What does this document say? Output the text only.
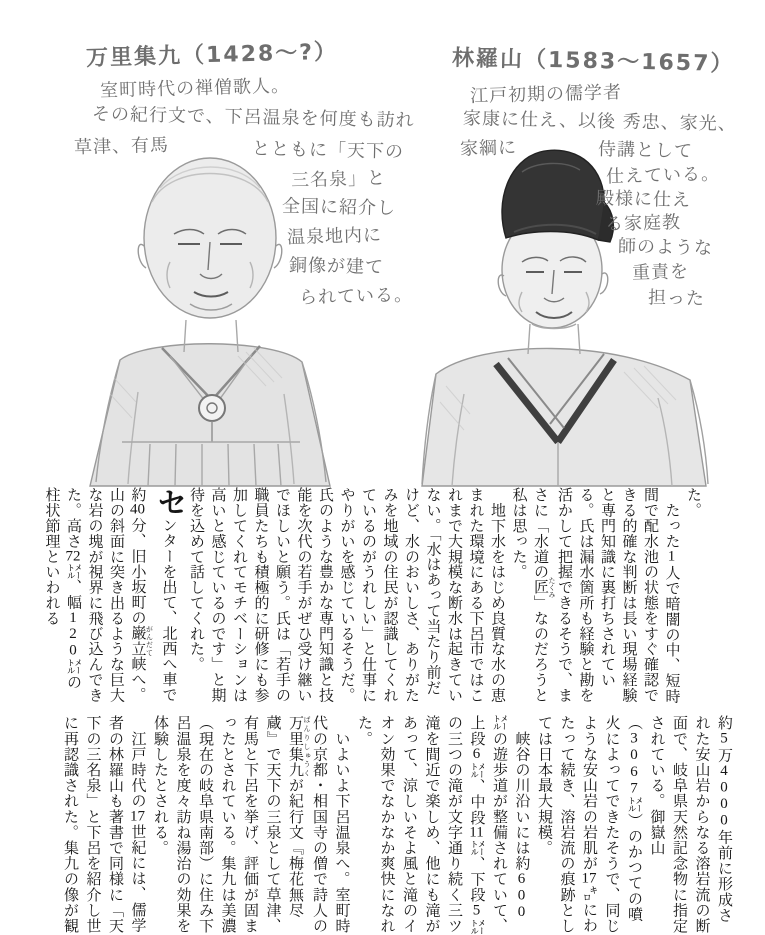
万里集九（1428〜?）
室町時代の禅僧歌人。
その紀行文で、下呂温泉を何度も訪れ
草津、有馬	とともに「天下の
三名泉」と
全国に紹介し
温泉地内に
銅像が建て
られている。
林羅山（1583〜1657）
江戸初期の儒学者
家康に仕え、以後 秀忠、家光、
家綱に	侍講として
仕えている。
殿様に仕え
る家庭教
師のような
重責を
担った

た。

　たった1人で暗闇の中、短時間で配水池の状態をすぐ確認できる的確な判断は長い現場経験と専門知識に裏打ちされている。氏は漏水箇所も経験と勘を活かして把握できるそうで、まさに「水道の匠 たくみ」なのだろうと私は思った。

　地下水をはじめ良質な水の恵まれた環境にある下呂市ではこれまで大規模な断水は起きていない。「水はあって当たり前だけど、水のおいしさ、ありがたみを地域の住民が認識してくれているのがうれしい」と仕事にやりがいを感じているそうだ。氏のような豊かな専門知識と技能を次代の若手がぜひ受け継いでほしいと願う。氏は「若手の職員たちも積極的に研修にも参加してくれてモチベーションは高いと感じているのです」と期待を込めて話してくれた。

センターを出て、北西へ車で約40分、旧小坂町の巌 がん立 だて峡へ。山の斜面に突き出るような巨大な岩の塊が視界に飛び込んできた。高さ72㍍、幅120㍍の柱状節理といわれる

約5万4000年前に形成された安山岩からなる溶岩流の断面で、岐阜県天然記念物に指定されている。御嶽山（3067㍍）のかつての噴火によってできたそうで、同じような安山岩の岩肌が17㌔にわたって続き、溶岩流の痕跡としては日本最大規模。

　峡谷の川沿いには約600㍍の遊歩道が整備されていて、上段6㍍、中段11㍍、下段5㍍の三つの滝が文字通り続く三ツ滝を間近で楽しめ、他にも滝があって、涼しいそよ風と滝のイオン効果でなかなか爽快になれた。

　いよいよ下呂温泉へ。室町時代の京都・相国寺の僧で詩人の万里集九 ばんりしゅうくが紀行文『梅花無尽蔵』で天下の三泉として草津、有馬と下呂を挙げ、評価が固まったとされている。集九は美濃（現在の岐阜県南部）に住み下呂温泉を度々訪ね湯治の効果を体験したとされる。

　江戸時代の17世紀には、儒学者の林羅山も著書で同様に「天下の三名泉」と下呂を紹介し世に再認識された。集九の像が観
